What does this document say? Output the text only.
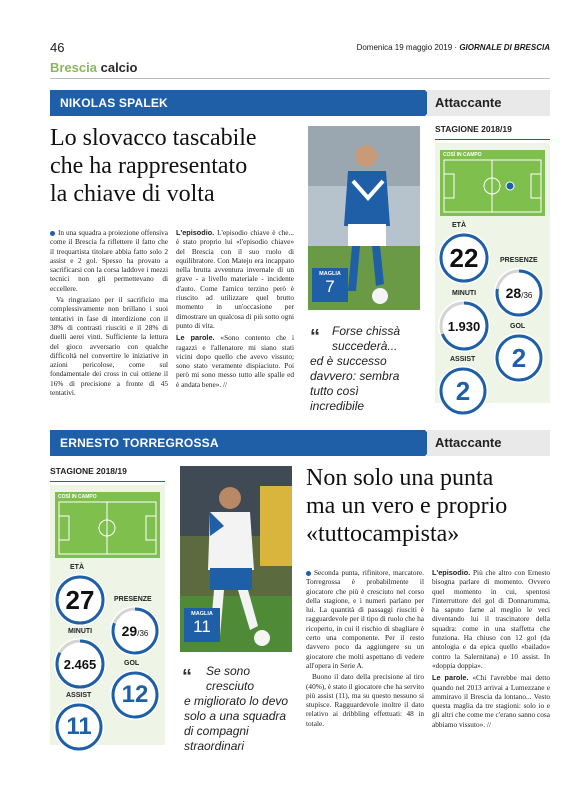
46	Domenica 19 maggio 2019 · GIORNALE DI BRESCIA
Brescia calcio
NIKOLAS SPALEK	Attaccante
Lo slovacco tascabile
che ha rappresentato
la chiave di volta

In una squadra a proiezione offensiva come il Brescia fa riflettere il fatto che il trequartista titolare abbia fatto solo 2 assist e 2 gol. Spesso ha provato a sacrificarsi con la corsa laddove i mezzi tecnici non gli permettevano di eccellere.

Va ringraziato per il sacrificio ma complessivamente non brillano i suoi tentativi in fase di interdizione con il 38% di contrasti riusciti e il 28% di duelli aerei vinti. Sufficiente la lettura del gioco avversario con qualche difficoltà nel convertire le iniziative in azioni pericolose, come sul fondamentale dei cross in cui ottiene il 16% di precisione a fronte di 45 tentativi.

L'episodio. L'episodio chiave è che... è stato proprio lui «l'episodio chiave» del Brescia con il suo ruolo di equilibratore. Con Mateju era incappato nella brutta avventura invernale di un grave - a livello materiale - incidente d'auto. Come l'amico terzino però è riuscito ad utilizzare quel brutto momento in un'occasione per dimostrare un qualcosa di più sotto ogni punto di vita.

Le parole. «Sono contento che i ragazzi e l'allenatore mi siano stati vicini dopo quello che avevo vissuto; sono stato veramente dispiaciuto. Poi però mi sono messo tutto alle spalle ed è andata bene». //

MAGLIA
7
“ Forse chissà
succederà...
ed è successo
davvero: sembra
tutto così
incredibile
STAGIONE 2018/19
COSÌ IN CAMPO
ETÀ
22	PRESENZE
28/36
MINUTI
1.930	GOL
2
ASSIST
2
ERNESTO TORREGROSSA	Attaccante
STAGIONE 2018/19
COSÌ IN CAMPO
ETÀ
27	PRESENZE
29/36
MINUTI
2.465	GOL
12
ASSIST
11
MAGLIA
11
“ Se sono
cresciuto
e migliorato lo devo
solo a una squadra
di compagni
straordinari
Non solo una punta
ma un vero e proprio
«tuttocampista»

Seconda punta, rifinitore, marcatore. Torregrossa è probabilmente il giocatore che più è cresciuto nel corso della stagione, e i numeri parlano per lui. La quantità di passaggi riusciti è ragguardevole per il tipo di ruolo che ha ricoperto, in cui il rischio di sbagliare è certo una componente. Per il resto davvero poco da aggiungere su un giocatore che molti aspettano di vedere all'opera in Serie A.

Buono il dato della precisione al tiro (40%), è stato il giocatore che ha servito più assist (11), ma su questo nessuno si stupisce. Ragguardevole inoltre il dato relativo ai dribbling effettuati: 48 in totale.

L'episodio. Più che altro con Ernesto bisogna parlare di momento. Ovvero quel momento in cui, spentosi l'interruttore del gol di Donnarumma, ha saputo farne al meglio le veci diventando lui il trascinatore della squadra: come in una staffetta che funziona. Ha chiuso con 12 gol (da antologia e da epica quello «bailado» contro la Salernitana) e 10 assist. In «doppia doppia».

Le parole. «Chi l'avrebbe mai detto quando nel 2013 arrivai a Lumezzane e ammiravo il Brescia da lontano... Vesto questa maglia da tre stagioni: solo io e gli altri che come me c'erano sanno cosa abbiamo vissuto». //
